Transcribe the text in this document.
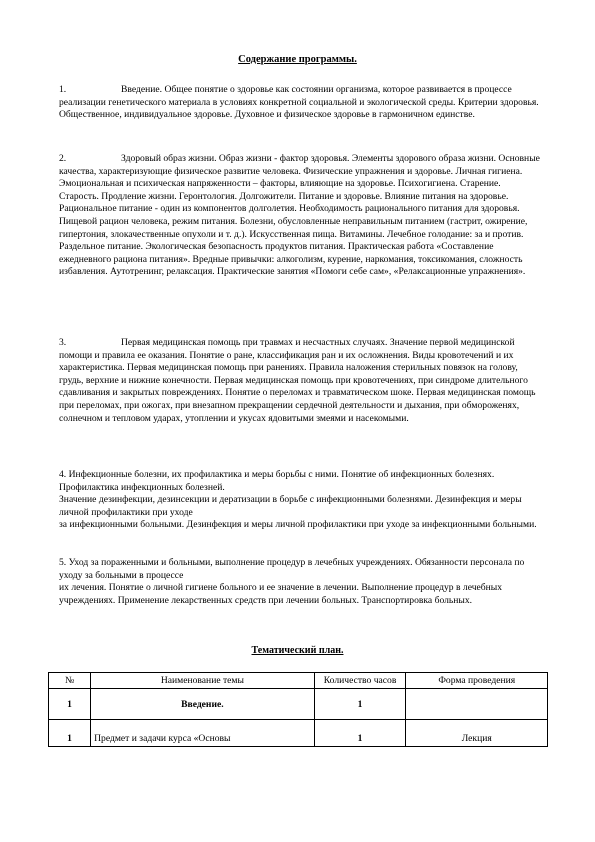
Содержание программы.

1.	Введение. Общее понятие о здоровье как состоянии организма, которое развивается в процессе реализации генетического материала в условиях конкретной социальной и экологической среды. Критерии здоровья. Общественное, индивидуальное здоровье. Духовное и физическое здоровье в гармоничном единстве.

2.	Здоровый образ жизни. Образ жизни - фактор здоровья. Элементы здорового образа жизни. Основные качества, характеризующие физическое развитие человека. Физические упражнения и здоровье. Личная гигиена. Эмоциональная и психическая напряженности – факторы, влияющие на здоровье. Психогигиена. Старение. Старость. Продление жизни. Геронтология. Долгожители. Питание и здоровье. Влияние питания на здоровье. Рациональное питание - один из компонентов долголетия. Необходимость рационального питания для здоровья. Пищевой рацион человека, режим питания. Болезни, обусловленные неправильным питанием (гастрит, ожирение, гипертония, злокачественные опухоли и т. д.). Искусственная пища. Витамины. Лечебное голодание: за и против. Раздельное питание. Экологическая безопасность продуктов питания. Практическая работа «Составление ежедневного рациона питания». Вредные привычки: алкоголизм, курение, наркомания, токсикомания, сложность избавления. Аутотренинг, релаксация. Практические занятия «Помоги себе сам», «Релаксационные упражнения».

3.	Первая медицинская помощь при травмах и несчастных случаях. Значение первой медицинской помощи и правила ее оказания. Понятие о ране, классификация ран и их осложнения. Виды кровотечений и их характеристика. Первая медицинская помощь при ранениях. Правила наложения стерильных повязок на голову, грудь, верхние и нижние конечности. Первая медицинская помощь при кровотечениях, при синдроме длительного сдавливания и закрытых повреждениях. Понятие о переломах и травматическом шоке. Первая медицинская помощь при переломах, при ожогах, при внезапном прекращении сердечной деятельности и дыхания, при обмороженях, солнечном и тепловом ударах, утоплении и укусах ядовитыми змеями и насекомыми.

4. Инфекционные болезни, их профилактика и меры борьбы с ними. Понятие об инфекционных болезнях. Профилактика инфекционных болезней.

Значение дезинфекции, дезинсекции и дератизации в борьбе с инфекционными болезнями. Дезинфекция и меры личной профилактики при уходе

за инфекционными больными. Дезинфекция и меры личной профилактики при уходе за инфекционными больными.

5. Уход за пораженными и больными, выполнение процедур в лечебных учреждениях. Обязанности персонала по уходу за больными в процессе

их лечения. Понятие о личной гигиене больного и ее значение в лечении. Выполнение процедур в лечебных учреждениях. Применение лекарственных средств при лечении больных. Транспортировка больных.

Тематический план.
№	Наименование темы	Количество часов	Форма проведения
1	Введение.	1	
1	Предмет и задачи курса «Основы	1	Лекция
